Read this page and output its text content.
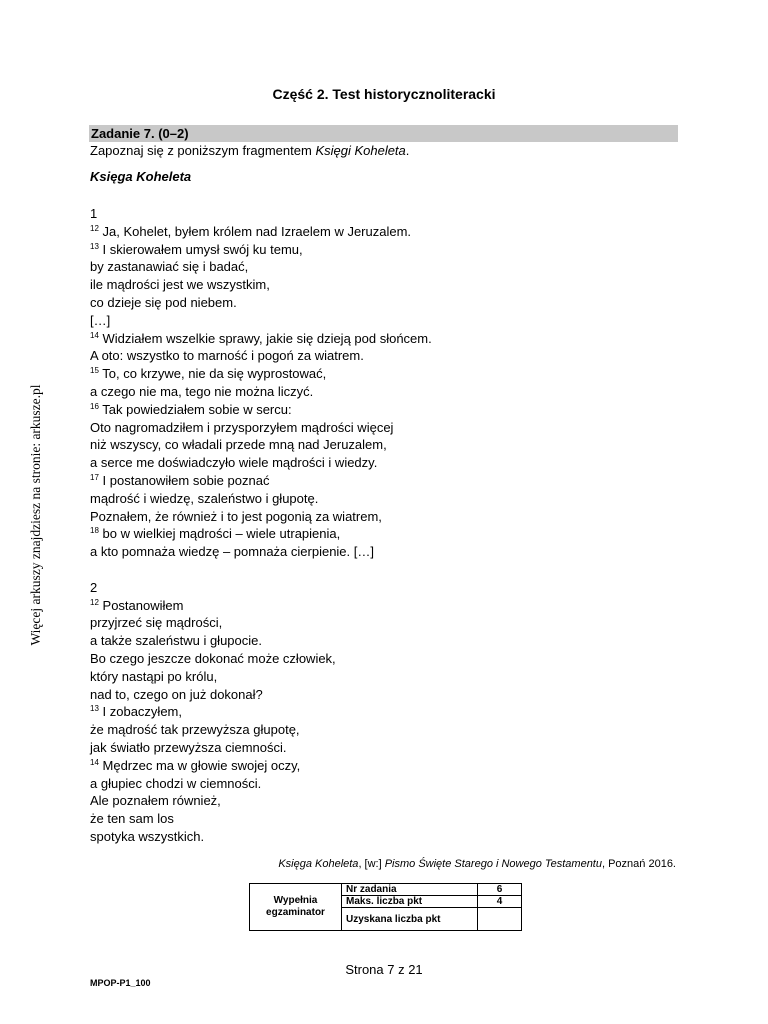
Część 2. Test historycznoliteracki
Zadanie 7. (0–2)
Zapoznaj się z poniższym fragmentem Księgi Koheleta.
Księga Koheleta
1
$^{12}$ Ja, Kohelet, byłem królem nad Izraelem w Jeruzalem.
$^{13}$ I skierowałem umysł swój ku temu,
by zastanawiać się i badać,
ile mądrości jest we wszystkim,
co dzieje się pod niebem.
[…]
$^{14}$ Widziałem wszelkie sprawy, jakie się dzieją pod słońcem.
A oto: wszystko to marność i pogoń za wiatrem.
$^{15}$ To, co krzywe, nie da się wyprostować,
a czego nie ma, tego nie można liczyć.
$^{16}$ Tak powiedziałem sobie w sercu:
Oto nagromadziłem i przysporzyłem mądrości więcej
niż wszyscy, co władali przede mną nad Jeruzalem,
a serce me doświadczyło wiele mądrości i wiedzy.
$^{17}$ I postanowiłem sobie poznać
mądrość i wiedzę, szaleństwo i głupotę.
Poznałem, że również i to jest pogonią za wiatrem,
$^{18}$ bo w wielkiej mądrości – wiele utrapienia,
a kto pomnaża wiedzę – pomnaża cierpienie. […]
2
$^{12}$ Postanowiłem
przyjrzeć się mądrości,
a także szaleństwu i głupocie.
Bo czego jeszcze dokonać może człowiek,
który nastąpi po królu,
nad to, czego on już dokonał?
$^{13}$ I zobaczyłem,
że mądrość tak przewyższa głupotę,
jak światło przewyższa ciemności.
$^{14}$ Mędrzec ma w głowie swojej oczy,
a głupiec chodzi w ciemności.
Ale poznałem również,
że ten sam los
spotyka wszystkich.
Księga Koheleta, [w:] Pismo Święte Starego i Nowego Testamentu, Poznań 2016.
Wypełnia egzaminator	Nr zadania	6
	Maks. liczba pkt	4
	Uzyskana liczba pkt	
Więcej arkuszy znajdziesz na stronie: arkusze.pl
Strona 7 z 21
MPOP-P1_100
